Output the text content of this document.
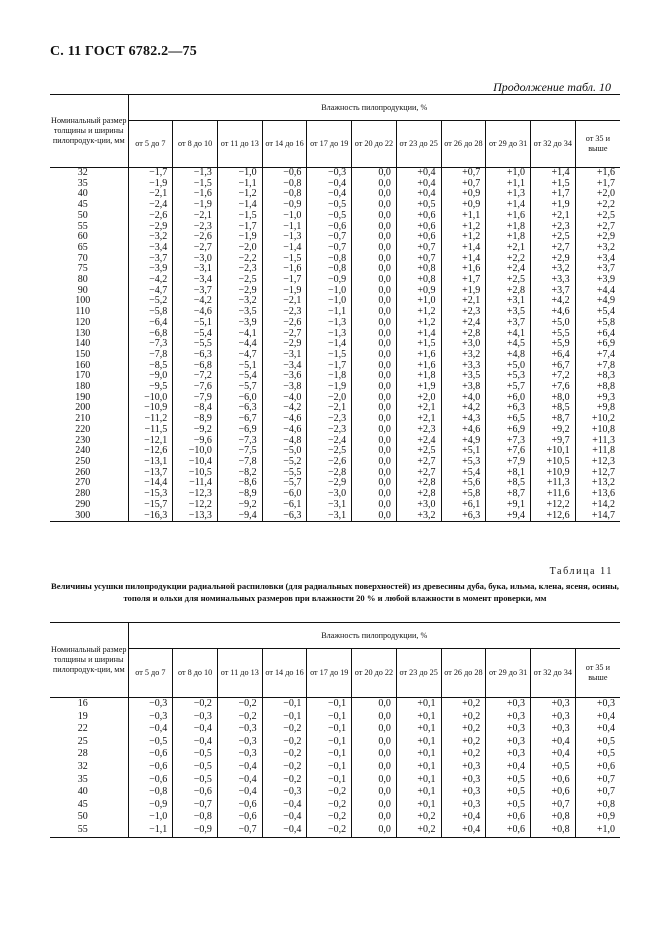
С. 11 ГОСТ 6782.2—75
Продолжение табл. 10
Номинальный размер толщины и ширины пилопродук-ции, мм	Влажность пилопродукции, %										
	от 5 до 7	от 8 до 10	от 11 до 13	от 14 до 16	от 17 до 19	от 20 до 22	от 23 до 25	от 26 до 28	от 29 до 31	от 32 до 34	от 35 и выше
32	−1,7	−1,3	−1,0	−0,6	−0,3	0,0	+0,4	+0,7	+1,0	+1,4	+1,6
35	−1,9	−1,5	−1,1	−0,8	−0,4	0,0	+0,4	+0,7	+1,1	+1,5	+1,7
40	−2,1	−1,6	−1,2	−0,8	−0,4	0,0	+0,4	+0,9	+1,3	+1,7	+2,0
45	−2,4	−1,9	−1,4	−0,9	−0,5	0,0	+0,5	+0,9	+1,4	+1,9	+2,2
50	−2,6	−2,1	−1,5	−1,0	−0,5	0,0	+0,6	+1,1	+1,6	+2,1	+2,5
55	−2,9	−2,3	−1,7	−1,1	−0,6	0,0	+0,6	+1,2	+1,8	+2,3	+2,7
60	−3,2	−2,6	−1,9	−1,3	−0,7	0,0	+0,6	+1,2	+1,8	+2,5	+2,9
65	−3,4	−2,7	−2,0	−1,4	−0,7	0,0	+0,7	+1,4	+2,1	+2,7	+3,2
70	−3,7	−3,0	−2,2	−1,5	−0,8	0,0	+0,7	+1,4	+2,2	+2,9	+3,4
75	−3,9	−3,1	−2,3	−1,6	−0,8	0,0	+0,8	+1,6	+2,4	+3,2	+3,7
80	−4,2	−3,4	−2,5	−1,7	−0,9	0,0	+0,8	+1,7	+2,5	+3,3	+3,9
90	−4,7	−3,7	−2,9	−1,9	−1,0	0,0	+0,9	+1,9	+2,8	+3,7	+4,4
100	−5,2	−4,2	−3,2	−2,1	−1,0	0,0	+1,0	+2,1	+3,1	+4,2	+4,9
110	−5,8	−4,6	−3,5	−2,3	−1,1	0,0	+1,2	+2,3	+3,5	+4,6	+5,4
120	−6,4	−5,1	−3,9	−2,6	−1,3	0,0	+1,2	+2,4	+3,7	+5,0	+5,8
130	−6,8	−5,4	−4,1	−2,7	−1,3	0,0	+1,4	+2,8	+4,1	+5,5	+6,4
140	−7,3	−5,5	−4,4	−2,9	−1,4	0,0	+1,5	+3,0	+4,5	+5,9	+6,9
150	−7,8	−6,3	−4,7	−3,1	−1,5	0,0	+1,6	+3,2	+4,8	+6,4	+7,4
160	−8,5	−6,8	−5,1	−3,4	−1,7	0,0	+1,6	+3,3	+5,0	+6,7	+7,8
170	−9,0	−7,2	−5,4	−3,6	−1,8	0,0	+1,8	+3,5	+5,3	+7,2	+8,3
180	−9,5	−7,6	−5,7	−3,8	−1,9	0,0	+1,9	+3,8	+5,7	+7,6	+8,8
190	−10,0	−7,9	−6,0	−4,0	−2,0	0,0	+2,0	+4,0	+6,0	+8,0	+9,3
200	−10,9	−8,4	−6,3	−4,2	−2,1	0,0	+2,1	+4,2	+6,3	+8,5	+9,8
210	−11,2	−8,9	−6,7	−4,6	−2,3	0,0	+2,1	+4,3	+6,5	+8,7	+10,2
220	−11,5	−9,2	−6,9	−4,6	−2,3	0,0	+2,3	+4,6	+6,9	+9,2	+10,8
230	−12,1	−9,6	−7,3	−4,8	−2,4	0,0	+2,4	+4,9	+7,3	+9,7	+11,3
240	−12,6	−10,0	−7,5	−5,0	−2,5	0,0	+2,5	+5,1	+7,6	+10,1	+11,8
250	−13,1	−10,4	−7,8	−5,2	−2,6	0,0	+2,7	+5,3	+7,9	+10,5	+12,3
260	−13,7	−10,5	−8,2	−5,5	−2,8	0,0	+2,7	+5,4	+8,1	+10,9	+12,7
270	−14,4	−11,4	−8,6	−5,7	−2,9	0,0	+2,8	+5,6	+8,5	+11,3	+13,2
280	−15,3	−12,3	−8,9	−6,0	−3,0	0,0	+2,8	+5,8	+8,7	+11,6	+13,6
290	−15,7	−12,2	−9,2	−6,1	−3,1	0,0	+3,0	+6,1	+9,1	+12,2	+14,2
300	−16,3	−13,3	−9,4	−6,3	−3,1	0,0	+3,2	+6,3	+9,4	+12,6	+14,7
Таблица 11
Величины усушки пилопродукции радиальной распиловки (для радиальных поверхностей) из древесины дуба, бука, ильма, клена, ясеня, осины, тополя и ольхи для номинальных размеров при влажности 20 % и любой влажности в момент проверки, мм
Номинальный размер толщины и ширины пилопродук-ции, мм	Влажность пилопродукции, %										
	от 5 до 7	от 8 до 10	от 11 до 13	от 14 до 16	от 17 до 19	от 20 до 22	от 23 до 25	от 26 до 28	от 29 до 31	от 32 до 34	от 35 и выше
16	−0,3	−0,2	−0,2	−0,1	−0,1	0,0	+0,1	+0,2	+0,3	+0,3	+0,3
19	−0,3	−0,3	−0,2	−0,1	−0,1	0,0	+0,1	+0,2	+0,3	+0,3	+0,4
22	−0,4	−0,4	−0,3	−0,2	−0,1	0,0	+0,1	+0,2	+0,3	+0,3	+0,4
25	−0,5	−0,4	−0,3	−0,2	−0,1	0,0	+0,1	+0,2	+0,3	+0,4	+0,5
28	−0,6	−0,5	−0,3	−0,2	−0,1	0,0	+0,1	+0,2	+0,3	+0,4	+0,5
32	−0,6	−0,5	−0,4	−0,2	−0,1	0,0	+0,1	+0,3	+0,4	+0,5	+0,6
35	−0,6	−0,5	−0,4	−0,2	−0,1	0,0	+0,1	+0,3	+0,5	+0,6	+0,7
40	−0,8	−0,6	−0,4	−0,3	−0,2	0,0	+0,1	+0,3	+0,5	+0,6	+0,7
45	−0,9	−0,7	−0,6	−0,4	−0,2	0,0	+0,1	+0,3	+0,5	+0,7	+0,8
50	−1,0	−0,8	−0,6	−0,4	−0,2	0,0	+0,2	+0,4	+0,6	+0,8	+0,9
55	−1,1	−0,9	−0,7	−0,4	−0,2	0,0	+0,2	+0,4	+0,6	+0,8	+1,0
